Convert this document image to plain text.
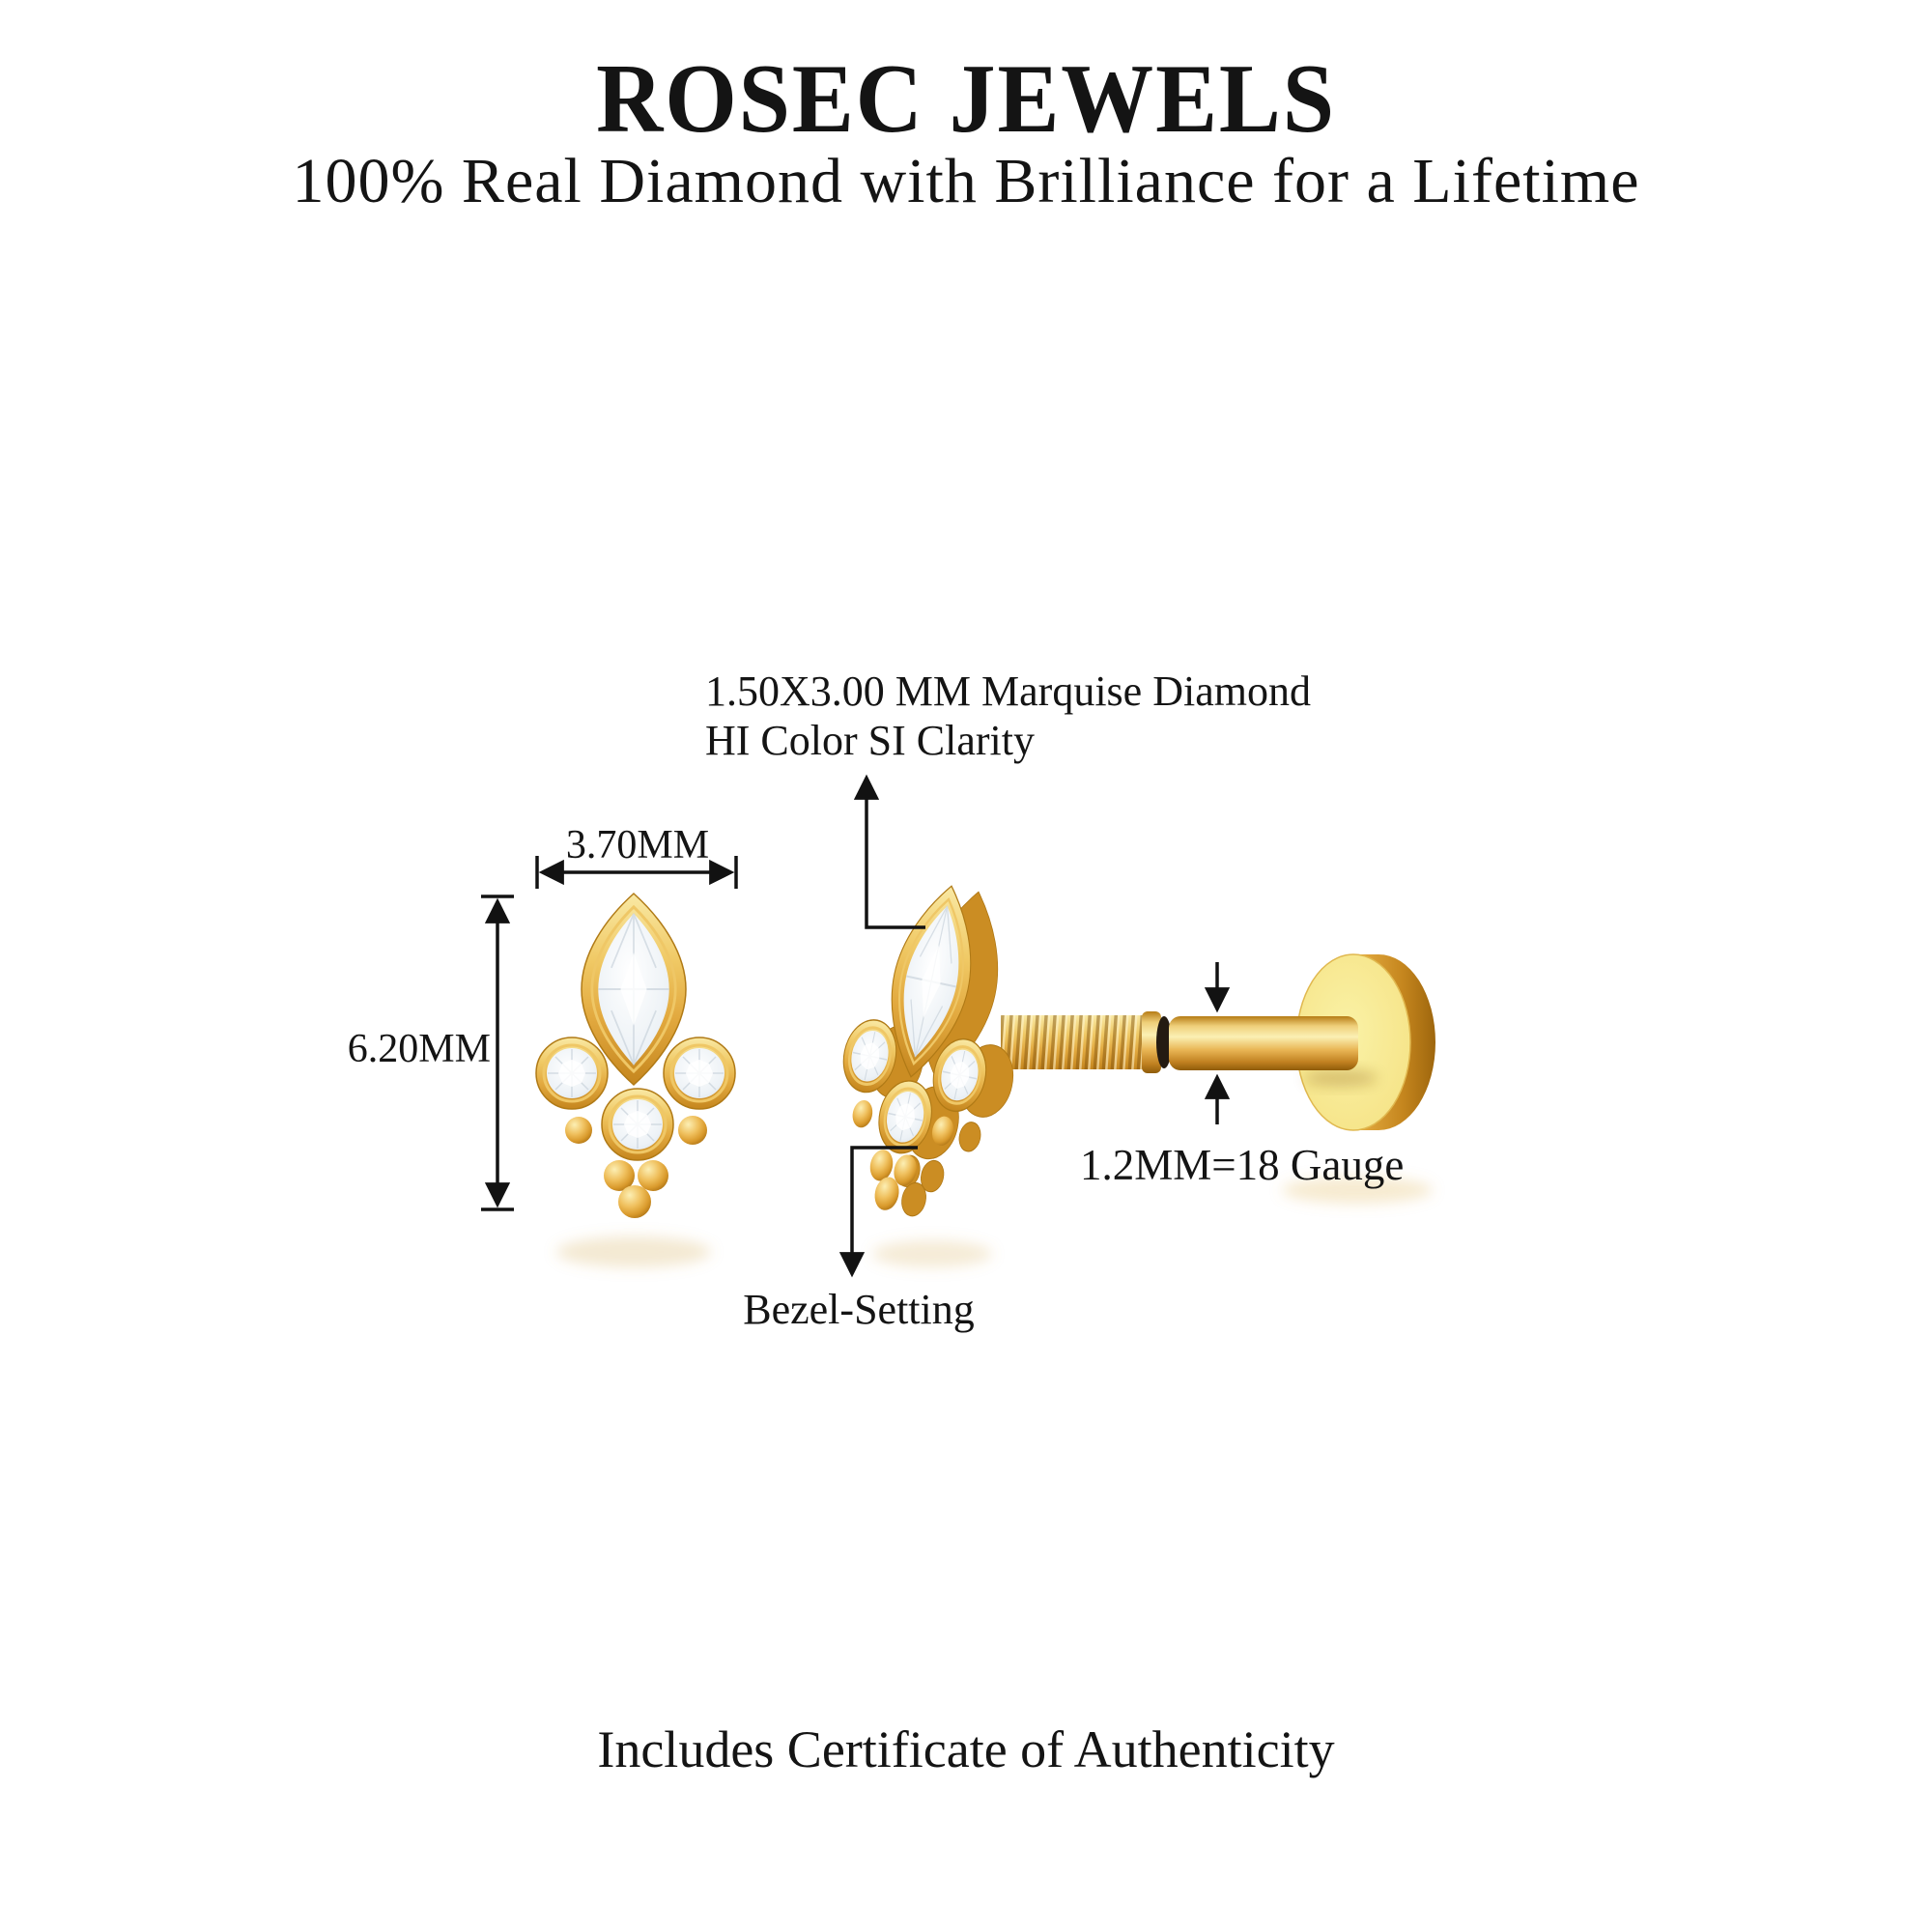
ROSEC JEWELS
100% Real Diamond with Brilliance for a Lifetime
1.50X3.00 MM Marquise Diamond
HI Color SI Clarity
3.70MM
6.20MM
1.2MM=18 Gauge
Bezel-Setting
Includes Certificate of Authenticity
